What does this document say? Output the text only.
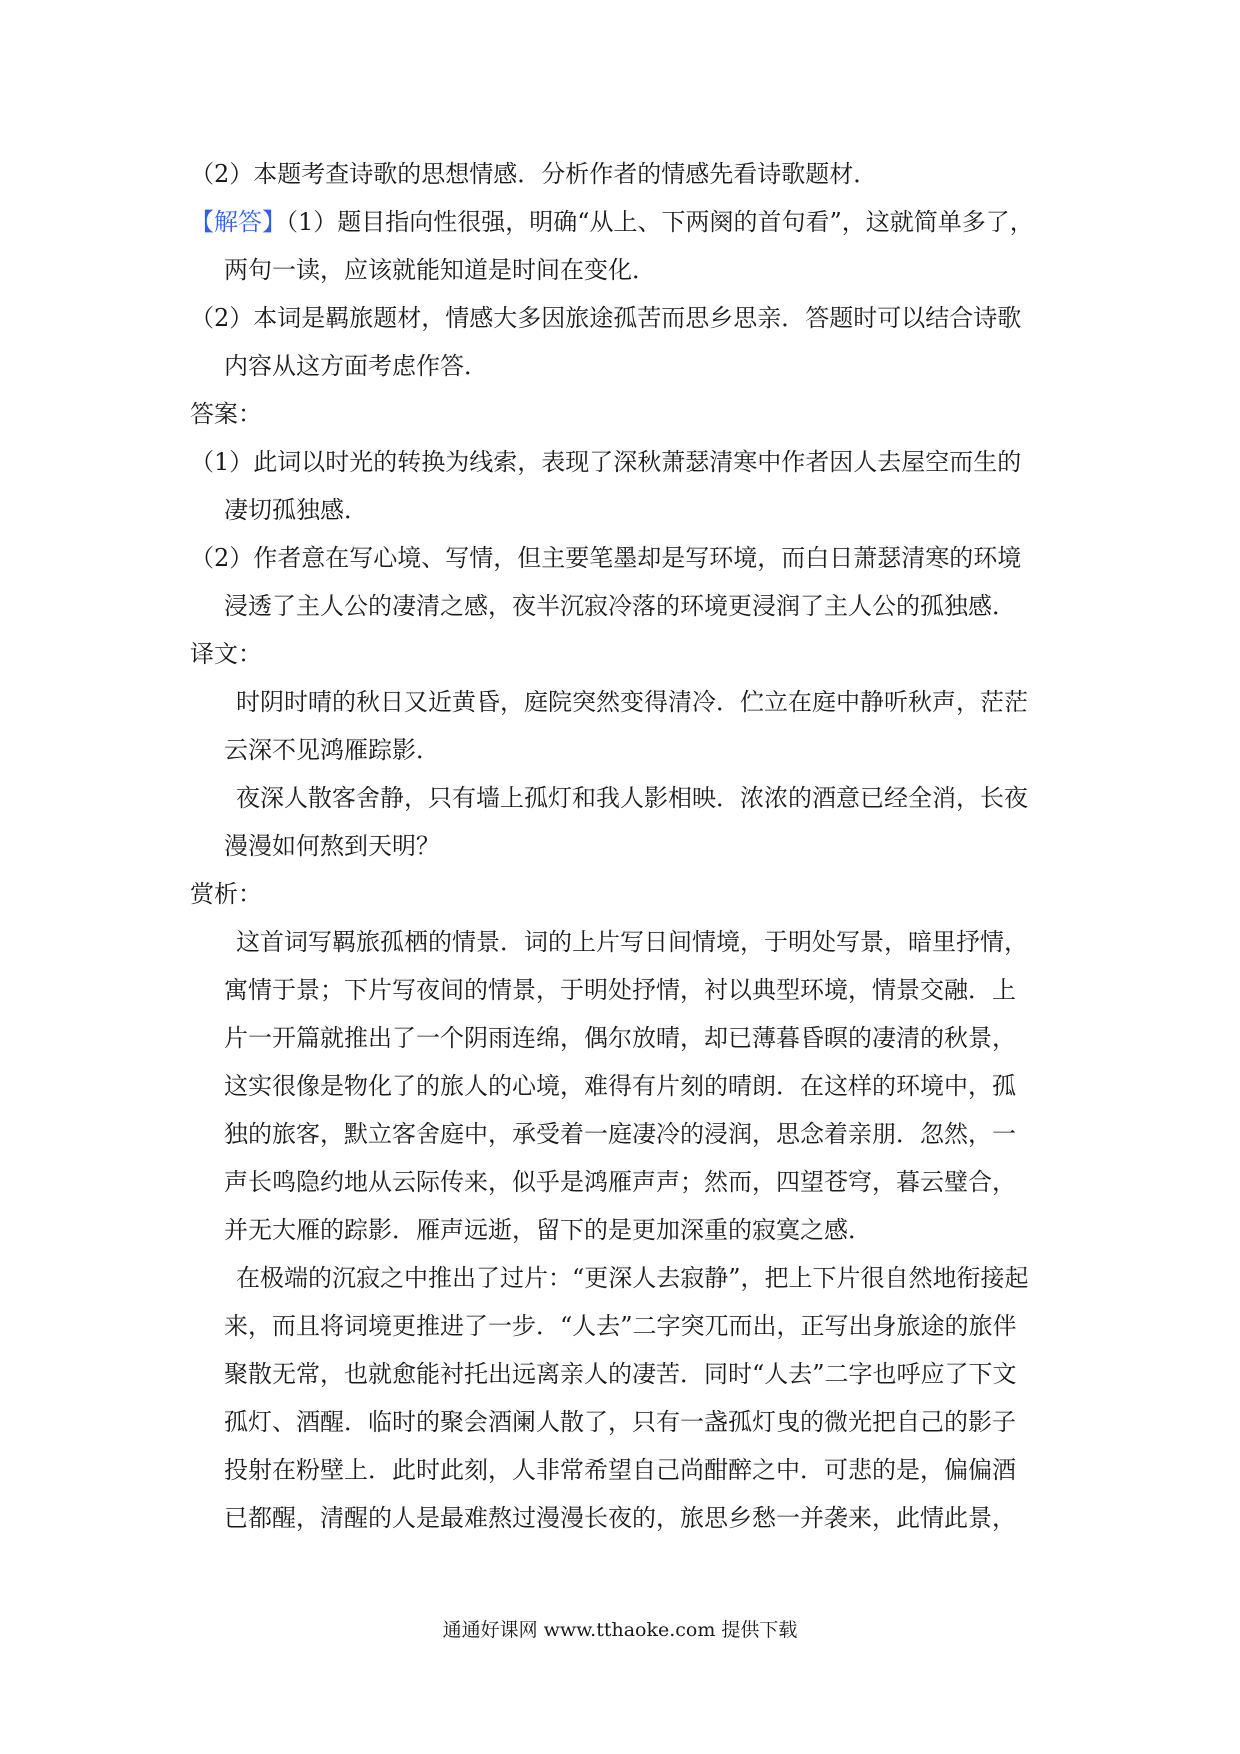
（2）本题考查诗歌的思想情感．分析作者的情感先看诗歌题材．
【解答】（1）题目指向性很强，明确“从上、下两阕的首句看”，这就简单多了，
两句一读，应该就能知道是时间在变化．
（2）本词是羁旅题材，情感大多因旅途孤苦而思乡思亲．答题时可以结合诗歌
内容从这方面考虑作答．
答案：
（1）此词以时光的转换为线索，表现了深秋萧瑟清寒中作者因人去屋空而生的
凄切孤独感．
（2）作者意在写心境、写情，但主要笔墨却是写环境，而白日萧瑟清寒的环境
浸透了主人公的凄清之感，夜半沉寂冷落的环境更浸润了主人公的孤独感．
译文：
时阴时晴的秋日又近黄昏，庭院突然变得清冷．伫立在庭中静听秋声，茫茫
云深不见鸿雁踪影．
夜深人散客舍静，只有墙上孤灯和我人影相映．浓浓的酒意已经全消，长夜
漫漫如何熬到天明？
赏析：
这首词写羁旅孤栖的情景．词的上片写日间情境，于明处写景，暗里抒情，
寓情于景；下片写夜间的情景，于明处抒情，衬以典型环境，情景交融．上
片一开篇就推出了一个阴雨连绵，偶尔放晴，却已薄暮昏暝的凄清的秋景，
这实很像是物化了的旅人的心境，难得有片刻的晴朗．在这样的环境中，孤
独的旅客，默立客舍庭中，承受着一庭凄冷的浸润，思念着亲朋．忽然，一
声长鸣隐约地从云际传来，似乎是鸿雁声声；然而，四望苍穹，暮云璧合，
并无大雁的踪影．雁声远逝，留下的是更加深重的寂寞之感．
在极端的沉寂之中推出了过片：“更深人去寂静”，把上下片很自然地衔接起
来，而且将词境更推进了一步．“人去”二字突兀而出，正写出身旅途的旅伴
聚散无常，也就愈能衬托出远离亲人的凄苦．同时“人去”二字也呼应了下文
孤灯、酒醒．临时的聚会酒阑人散了，只有一盏孤灯曳的微光把自己的影子
投射在粉壁上．此时此刻，人非常希望自己尚酣醉之中．可悲的是，偏偏酒
已都醒，清醒的人是最难熬过漫漫长夜的，旅思乡愁一并袭来，此情此景，
通通好课网 www.tthaoke.com 提供下载
